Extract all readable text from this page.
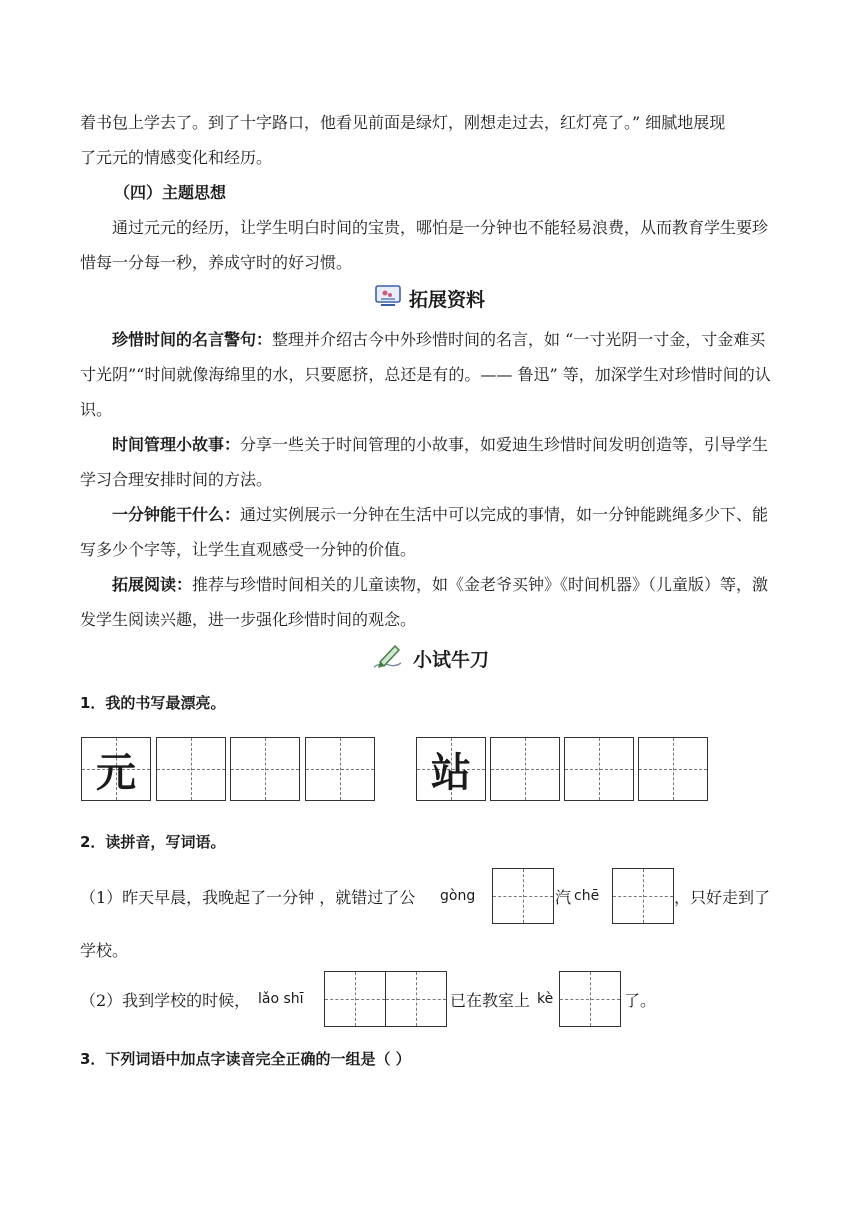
着书包上学去了。到了十字路口，他看见前面是绿灯，刚想走过去，红灯亮了。” 细腻地展现

了元元的情感变化和经历。

（四）主题思想

通过元元的经历，让学生明白时间的宝贵，哪怕是一分钟也不能轻易浪费，从而教育学生要珍惜每一分每一秒，养成守时的好习惯。

拓展资料

珍惜时间的名言警句：整理并介绍古今中外珍惜时间的名言，如 “一寸光阴一寸金，寸金难买寸光阴”“时间就像海绵里的水，只要愿挤，总还是有的。—— 鲁迅” 等，加深学生对珍惜时间的认识。

时间管理小故事：分享一些关于时间管理的小故事，如爱迪生珍惜时间发明创造等，引导学生学习合理安排时间的方法。

一分钟能干什么：通过实例展示一分钟在生活中可以完成的事情，如一分钟能跳绳多少下、能写多少个字等，让学生直观感受一分钟的价值。

拓展阅读：推荐与珍惜时间相关的儿童读物，如《金老爷买钟》《时间机器》（儿童版）等，激发学生阅读兴趣，进一步强化珍惜时间的观念。

小试牛刀
1．我的书写最漂亮。
元	站
2．读拼音，写词语。
（1）昨天早晨，我晚起了一分钟 ，就错过了公 gòng	汽 chē	，只好走到了
学校。
（2）我到学校的时候， lǎo shī	已在教室上 kè	了。
3．下列词语中加点字读音完全正确的一组是（ ）
